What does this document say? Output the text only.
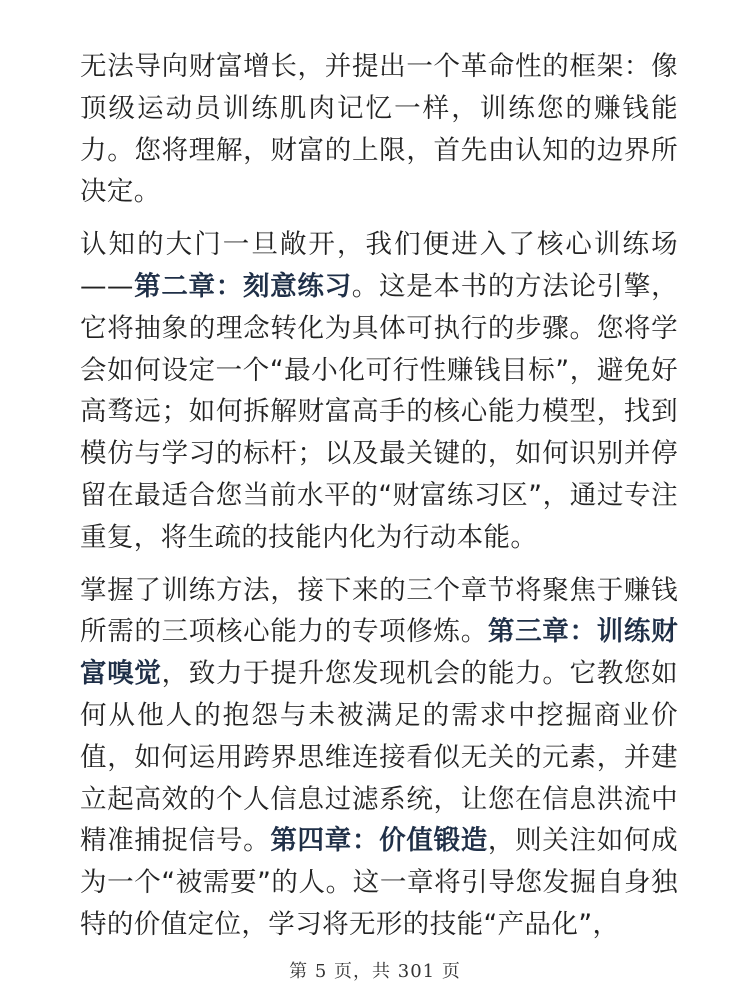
无法导向财富增长，并提出一个革命性的框架：像顶级运动员训练肌肉记忆一样，训练您的赚钱能力。您将理解，财富的上限，首先由认知的边界所决定。

认知的大门一旦敞开，我们便进入了核心训练场——第二章：刻意练习。这是本书的方法论引擎，它将抽象的理念转化为具体可执行的步骤。您将学会如何设定一个“最小化可行性赚钱目标”，避免好高骛远；如何拆解财富高手的核心能力模型，找到模仿与学习的标杆；以及最关键的，如何识别并停留在最适合您当前水平的“财富练习区”，通过专注重复，将生疏的技能内化为行动本能。

掌握了训练方法，接下来的三个章节将聚焦于赚钱所需的三项核心能力的专项修炼。第三章：训练财富嗅觉，致力于提升您发现机会的能力。它教您如何从他人的抱怨与未被满足的需求中挖掘商业价值，如何运用跨界思维连接看似无关的元素，并建立起高效的个人信息过滤系统，让您在信息洪流中精准捕捉信号。第四章：价值锻造，则关注如何成为一个“被需要”的人。这一章将引导您发掘自身独特的价值定位，学习将无形的技能“产品化”，

第 5 页，共 301 页
